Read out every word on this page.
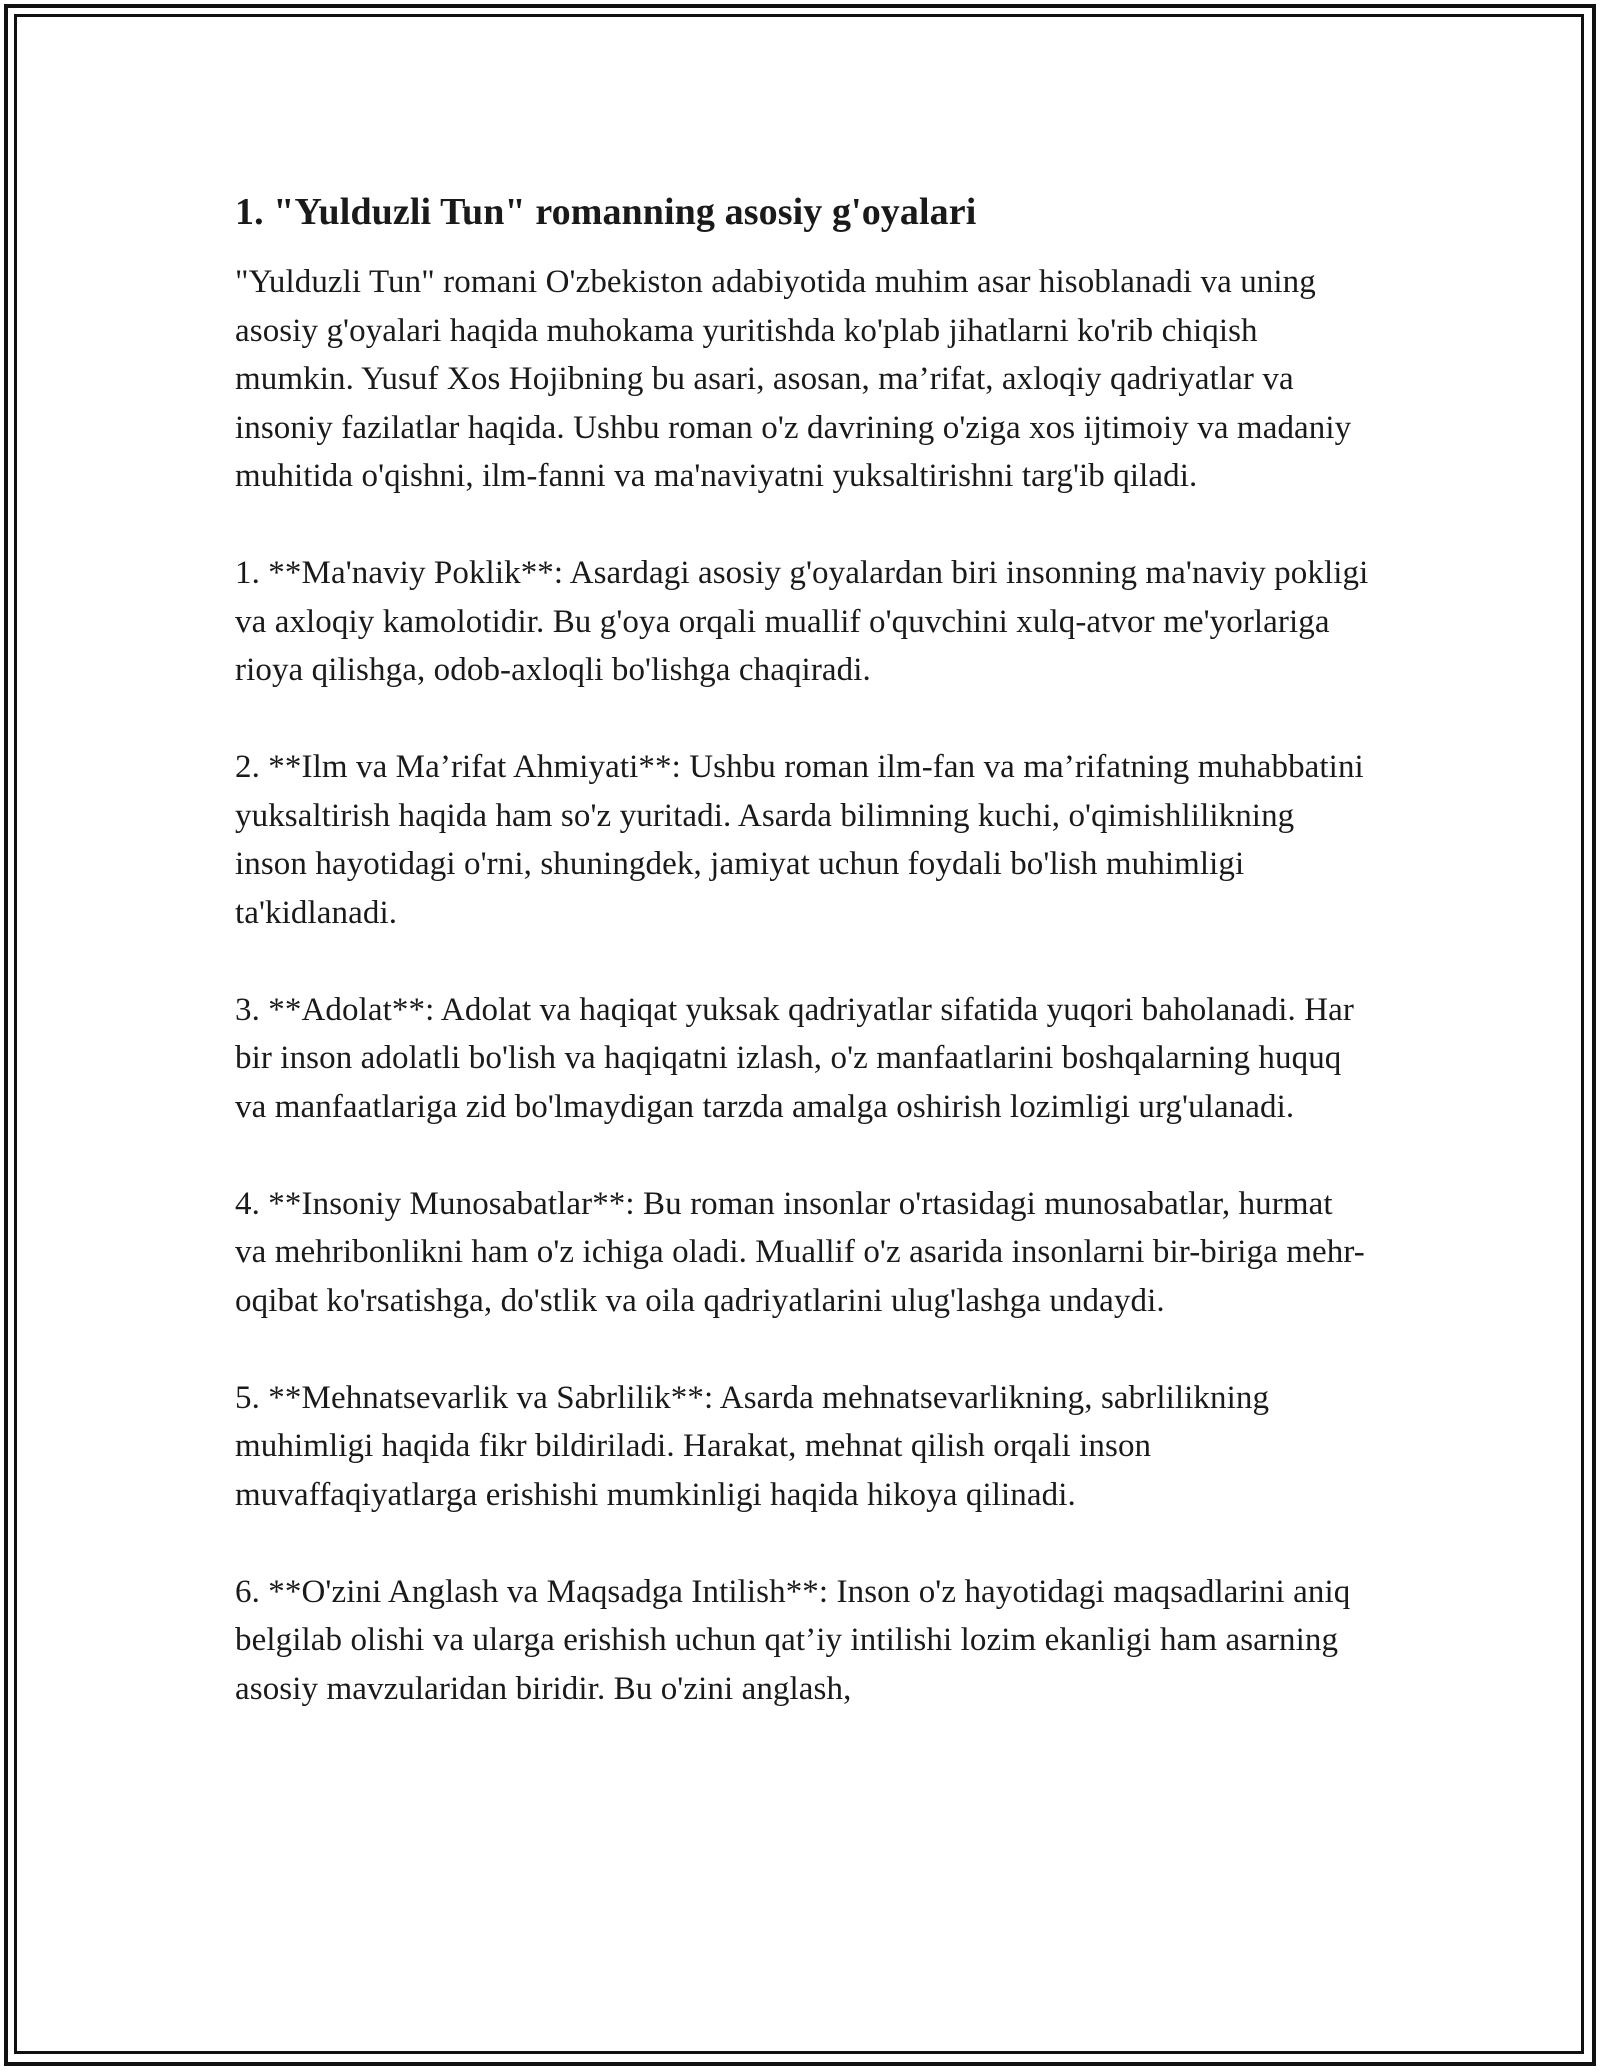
1. "Yulduzli Tun" romanning asosiy g'oyalari

"Yulduzli Tun" romani O'zbekiston adabiyotida muhim asar hisoblanadi va uning asosiy g'oyalari haqida muhokama yuritishda ko'plab jihatlarni ko'rib chiqish mumkin. Yusuf Xos Hojibning bu asari, asosan, ma’rifat, axloqiy qadriyatlar va insoniy fazilatlar haqida. Ushbu roman o'z davrining o'ziga xos ijtimoiy va madaniy muhitida o'qishni, ilm-fanni va ma'naviyatni yuksaltirishni targ'ib qiladi.

1. **Ma'naviy Poklik**: Asardagi asosiy g'oyalardan biri insonning ma'naviy pokligi va axloqiy kamolotidir. Bu g'oya orqali muallif o'quvchini xulq-atvor me'yorlariga rioya qilishga, odob-axloqli bo'lishga chaqiradi.

2. **Ilm va Ma’rifat Ahmiyati**: Ushbu roman ilm-fan va ma’rifatning muhabbatini yuksaltirish haqida ham so'z yuritadi. Asarda bilimning kuchi, o'qimishlilikning inson hayotidagi o'rni, shuningdek, jamiyat uchun foydali bo'lish muhimligi ta'kidlanadi.

3. **Adolat**: Adolat va haqiqat yuksak qadriyatlar sifatida yuqori baholanadi. Har bir inson adolatli bo'lish va haqiqatni izlash, o'z manfaatlarini boshqalarning huquq va manfaatlariga zid bo'lmaydigan tarzda amalga oshirish lozimligi urg'ulanadi.

4. **Insoniy Munosabatlar**: Bu roman insonlar o'rtasidagi munosabatlar, hurmat va mehribonlikni ham o'z ichiga oladi. Muallif o'z asarida insonlarni bir-biriga mehr-oqibat ko'rsatishga, do'stlik va oila qadriyatlarini ulug'lashga undaydi.

5. **Mehnatsevarlik va Sabrlilik**: Asarda mehnatsevarlikning, sabrlilikning muhimligi haqida fikr bildiriladi. Harakat, mehnat qilish orqali inson muvaffaqiyatlarga erishishi mumkinligi haqida hikoya qilinadi.

6. **O'zini Anglash va Maqsadga Intilish**: Inson o'z hayotidagi maqsadlarini aniq belgilab olishi va ularga erishish uchun qat’iy intilishi lozim ekanligi ham asarning asosiy mavzularidan biridir. Bu o'zini anglash,
